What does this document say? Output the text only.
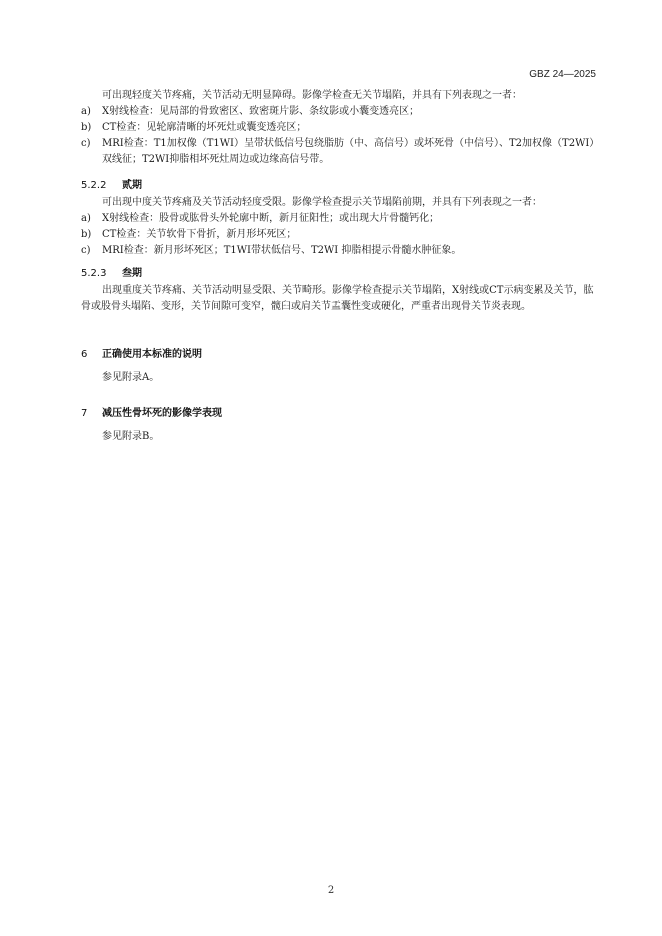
GBZ 24—2025

可出现轻度关节疼痛，关节活动无明显障碍。影像学检查无关节塌陷，并具有下列表现之一者：

a)	X射线检查：见局部的骨致密区、致密斑片影、条纹影或小囊变透亮区；
b)	CT检查：见轮廓清晰的坏死灶或囊变透亮区；
c)	MRI检查：T1加权像（T1WI）呈带状低信号包绕脂肪（中、高信号）或坏死骨（中信号）、T2加权像（T2WI）双线征；T2WI抑脂相坏死灶周边或边缘高信号带。
5.2.2 贰期

可出现中度关节疼痛及关节活动轻度受限。影像学检查提示关节塌陷前期，并具有下列表现之一者：

a)	X射线检查：股骨或肱骨头外轮廓中断，新月征阳性；或出现大片骨髓钙化；
b)	CT检查：关节软骨下骨折，新月形坏死区；
c)	MRI检查：新月形坏死区；T1WI带状低信号、T2WI 抑脂相提示骨髓水肿征象。
5.2.3 叁期

出现重度关节疼痛、关节活动明显受限、关节畸形。影像学检查提示关节塌陷，X射线或CT示病变累及关节，肱骨或股骨头塌陷、变形，关节间隙可变窄，髋臼或肩关节盂囊性变或硬化，严重者出现骨关节炎表现。

6 正确使用本标准的说明

参见附录A。

7 减压性骨坏死的影像学表现

参见附录B。

2
